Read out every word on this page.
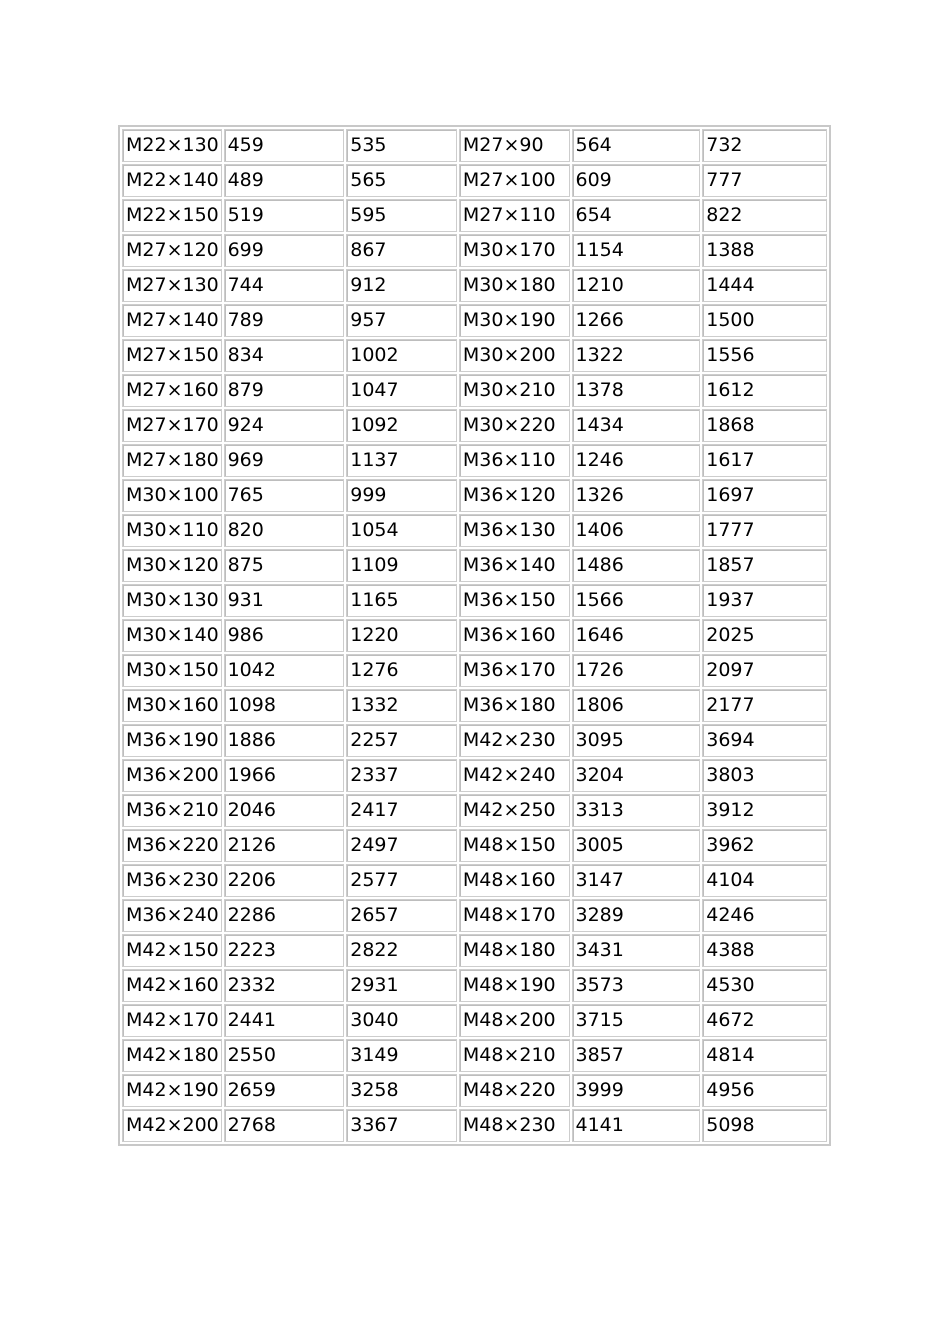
M22×130	459	535	M27×90	564	732
M22×140	489	565	M27×100	609	777
M22×150	519	595	M27×110	654	822
M27×120	699	867	M30×170	1154	1388
M27×130	744	912	M30×180	1210	1444
M27×140	789	957	M30×190	1266	1500
M27×150	834	1002	M30×200	1322	1556
M27×160	879	1047	M30×210	1378	1612
M27×170	924	1092	M30×220	1434	1868
M27×180	969	1137	M36×110	1246	1617
M30×100	765	999	M36×120	1326	1697
M30×110	820	1054	M36×130	1406	1777
M30×120	875	1109	M36×140	1486	1857
M30×130	931	1165	M36×150	1566	1937
M30×140	986	1220	M36×160	1646	2025
M30×150	1042	1276	M36×170	1726	2097
M30×160	1098	1332	M36×180	1806	2177
M36×190	1886	2257	M42×230	3095	3694
M36×200	1966	2337	M42×240	3204	3803
M36×210	2046	2417	M42×250	3313	3912
M36×220	2126	2497	M48×150	3005	3962
M36×230	2206	2577	M48×160	3147	4104
M36×240	2286	2657	M48×170	3289	4246
M42×150	2223	2822	M48×180	3431	4388
M42×160	2332	2931	M48×190	3573	4530
M42×170	2441	3040	M48×200	3715	4672
M42×180	2550	3149	M48×210	3857	4814
M42×190	2659	3258	M48×220	3999	4956
M42×200	2768	3367	M48×230	4141	5098
